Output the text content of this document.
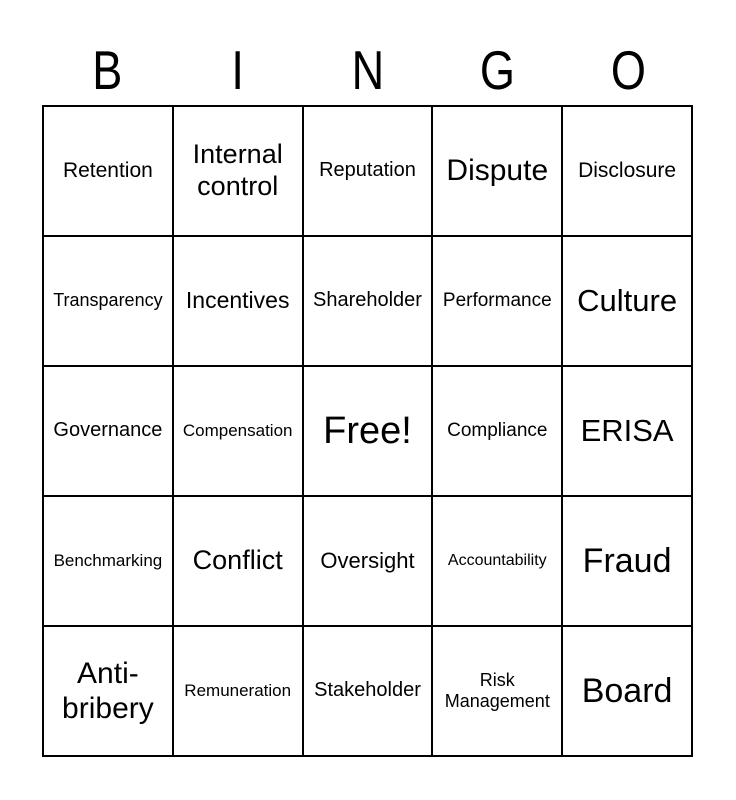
B I N G O
Retention
Internal control
Reputation Dispute Disclosure
Transparency Incentives Shareholder Performance Culture
Governance Compensation Free! Compliance ERISA
Benchmarking Conflict Oversight Accountability Fraud
Anti-bribery
Remuneration Stakeholder	Risk Management Board
